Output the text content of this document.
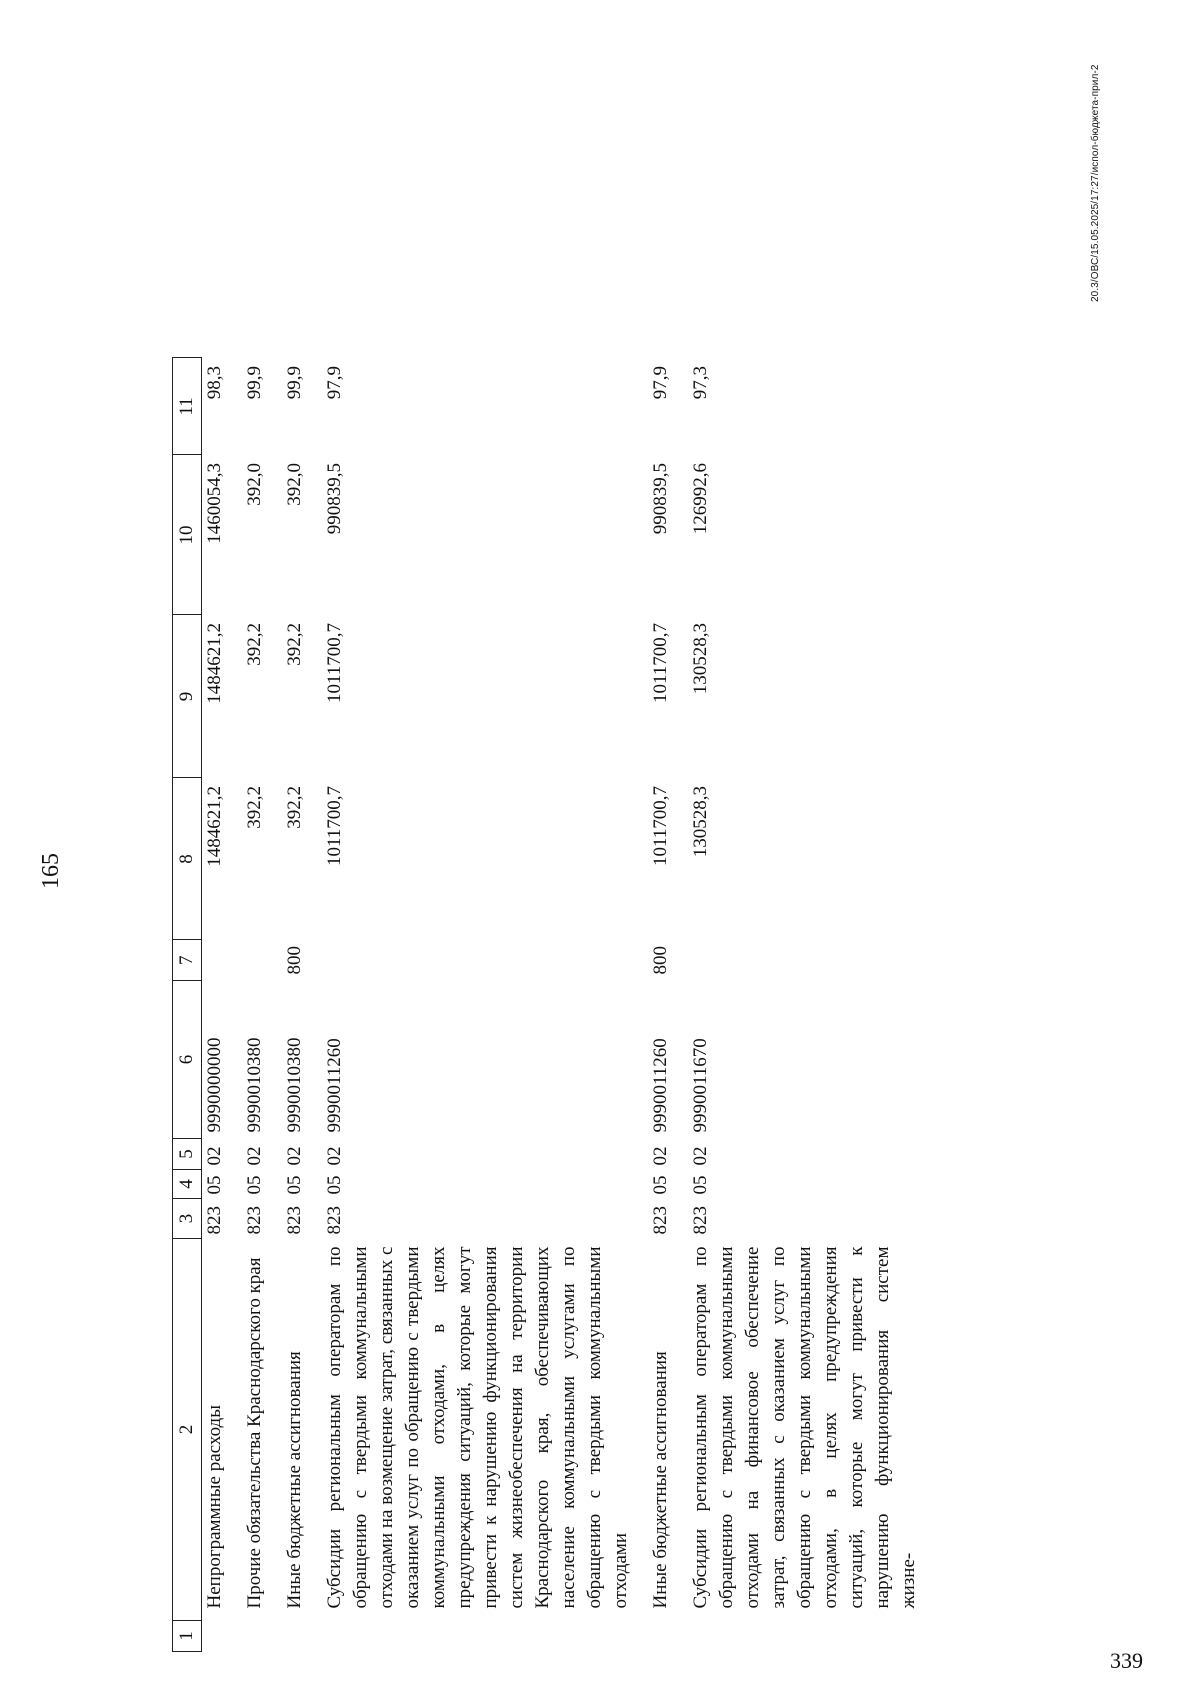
165
1	2	3	4	5	6	7	8	9	10	11
	Непрограммные расходы	823	05	02	9990000000		1484621,2	1484621,2	1460054,3	98,3

	Прочие обязательства Краснодарского края	823	05	02	9990010380		392,2	392,2	392,0	99,9

	Иные бюджетные ассигнования	823	05	02	9990010380	800	392,2	392,2	392,0	99,9

	Субсидии региональным операторам по обращению с твердыми коммунальными отходами на возмещение затрат, связанных с оказанием услуг по обращению с твердыми коммунальными отходами, в целях предупреждения ситуаций, которые могут привести к нарушению функционирования систем жизнеобеспечения на территории Краснодарского края, обеспечивающих население коммунальными услугами по обращению с твердыми коммунальными отходами	823	05	02	9990011260		1011700,7	1011700,7	990839,5	97,9

	Иные бюджетные ассигнования	823	05	02	9990011260	800	1011700,7	1011700,7	990839,5	97,9

	Субсидии региональным операторам по обращению с твердыми коммунальными отходами на финансовое обеспечение затрат, связанных с оказанием услуг по обращению с твердыми коммунальными отходами, в целях предупреждения ситуаций, которые могут привести к нарушению функционирования систем жизне-	823	05	02	9990011670		130528,3	130528,3	126992,6	97,3
20.3/ОВС/15.05.2025/17:27/испол-бюджета-прил-2
339
